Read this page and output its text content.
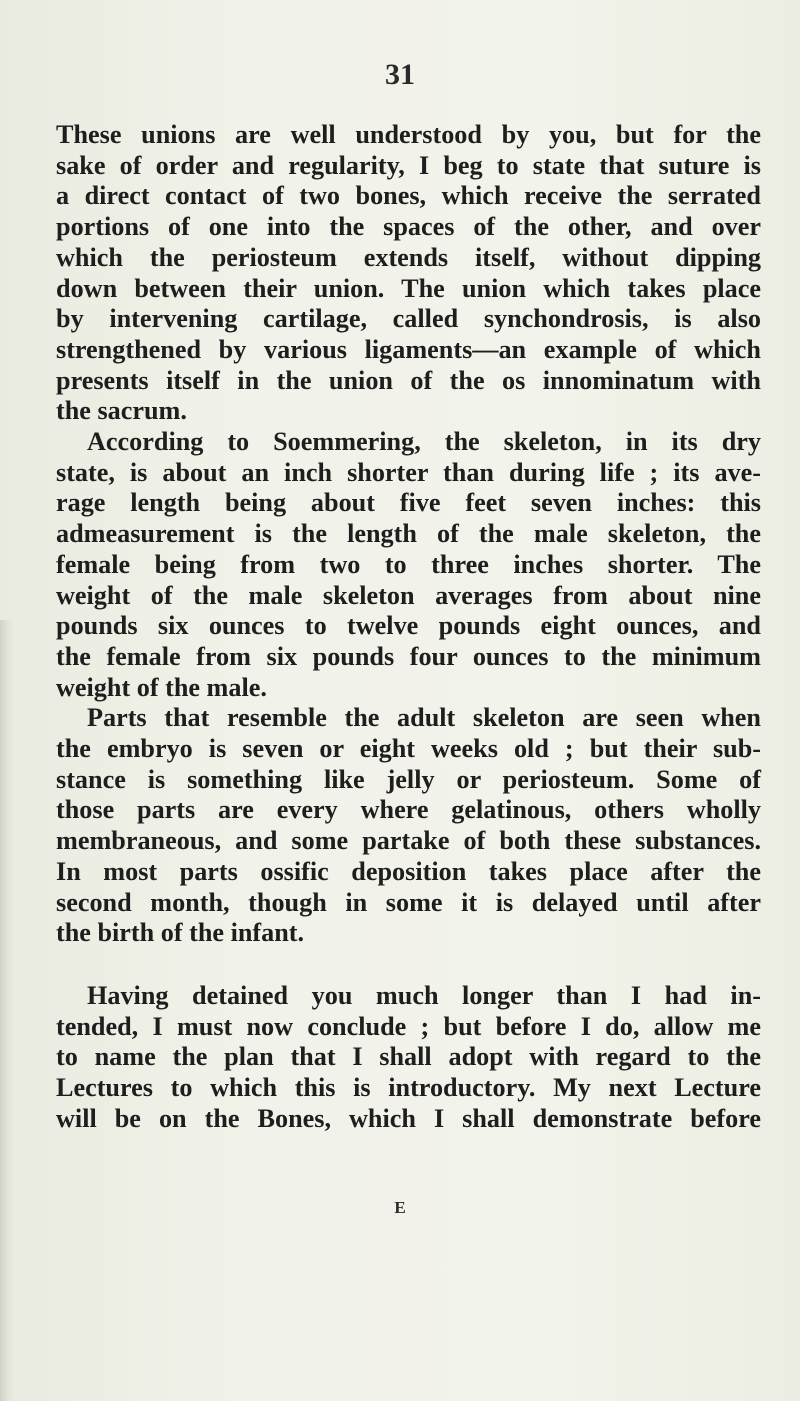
31

These unions are well understood by you, but for the

sake of order and regularity, I beg to state that suture is

a direct contact of two bones, which receive the serrated

portions of one into the spaces of the other, and over

which the periosteum extends itself, without dipping

down between their union. The union which takes place

by intervening cartilage, called synchondrosis, is also

strengthened by various ligaments—an example of which

presents itself in the union of the os innominatum with

the sacrum.

According to Soemmering, the skeleton, in its dry

state, is about an inch shorter than during life ; its ave-

rage length being about five feet seven inches: this

admeasurement is the length of the male skeleton, the

female being from two to three inches shorter. The

weight of the male skeleton averages from about nine

pounds six ounces to twelve pounds eight ounces, and

the female from six pounds four ounces to the minimum

weight of the male.

Parts that resemble the adult skeleton are seen when

the embryo is seven or eight weeks old ; but their sub-

stance is something like jelly or periosteum. Some of

those parts are every where gelatinous, others wholly

membraneous, and some partake of both these substances.

In most parts ossific deposition takes place after the

second month, though in some it is delayed until after

the birth of the infant.

Having detained you much longer than I had in-

tended, I must now conclude ; but before I do, allow me

to name the plan that I shall adopt with regard to the

Lectures to which this is introductory. My next Lecture

will be on the Bones, which I shall demonstrate before

E
